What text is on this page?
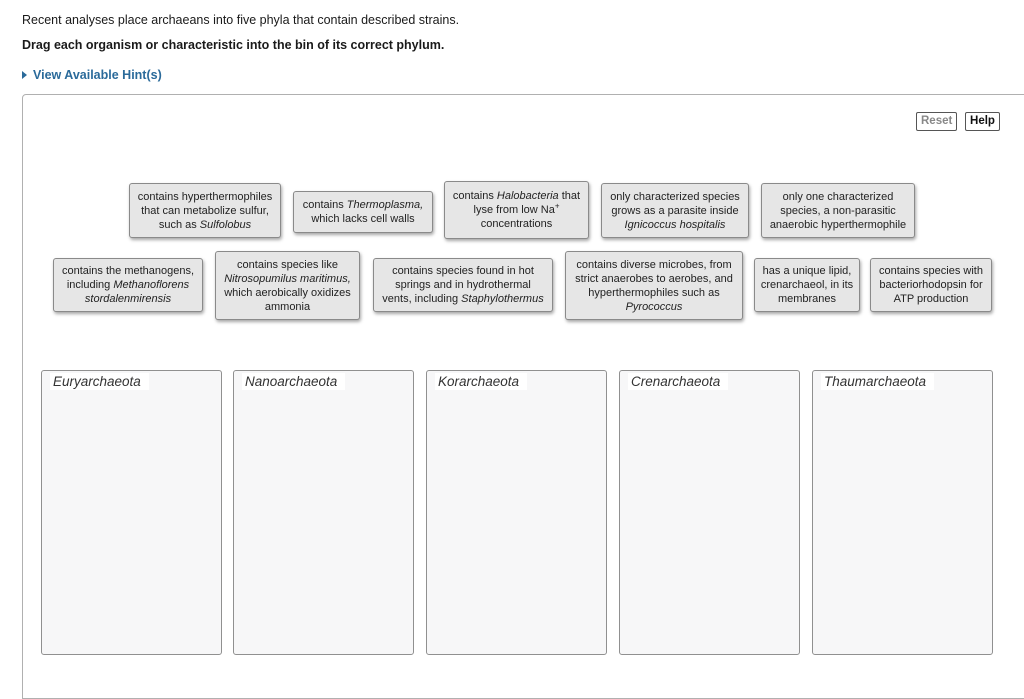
Recent analyses place archaeans into five phyla that contain described strains.

Drag each organism or characteristic into the bin of its correct phylum.

View Available Hint(s)
Reset	Help
contains hyperthermophiles that can metabolize sulfur, such as Sulfolobus
contains Thermoplasma, which lacks cell walls
contains Halobacteria that lyse from low Na+ concentrations
only characterized species grows as a parasite inside Ignicoccus hospitalis
only one characterized species, a non-parasitic anaerobic hyperthermophile
contains the methanogens, including Methanoflorens stordalenmirensis
contains species like Nitrosopumilus maritimus, which aerobically oxidizes ammonia
contains species found in hot springs and in hydrothermal vents, including Staphylothermus
contains diverse microbes, from strict anaerobes to aerobes, and hyperthermophiles such as Pyrococcus
has a unique lipid, crenarchaeol, in its membranes
contains species with bacteriorhodopsin for ATP production
Euryarchaeota	Nanoarchaeota	Korarchaeota	Crenarchaeota	Thaumarchaeota
